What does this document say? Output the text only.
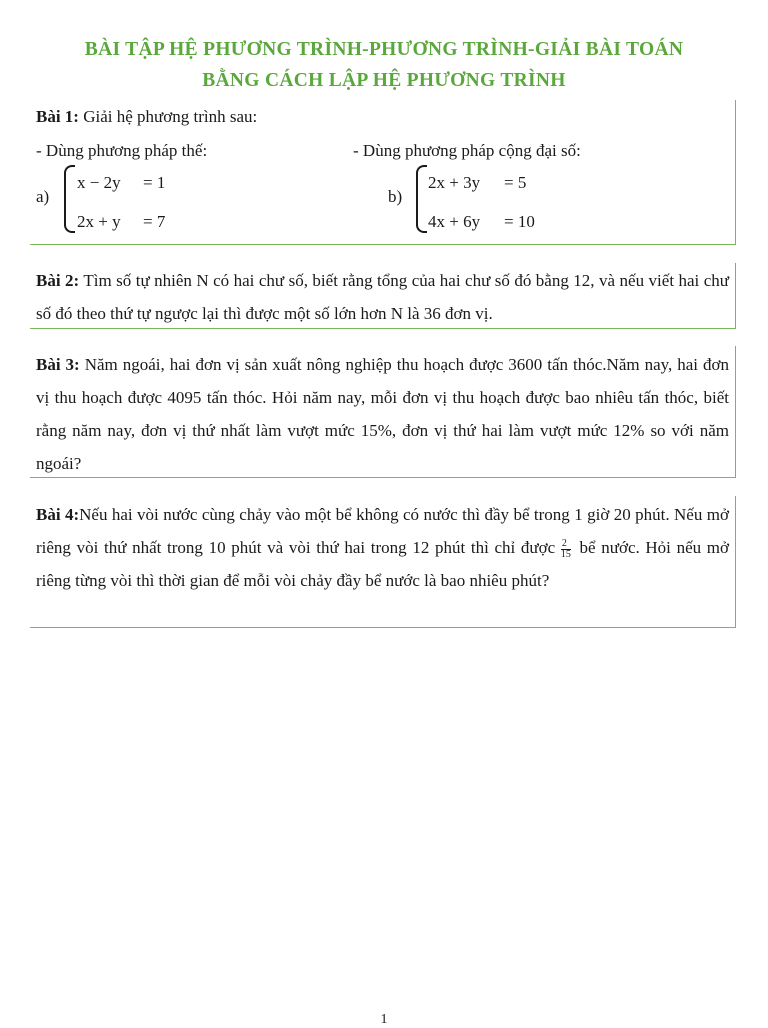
BÀI TẬP HỆ PHƯƠNG TRÌNH-PHƯƠNG TRÌNH-GIẢI BÀI TOÁN
BẰNG CÁCH LẬP HỆ PHƯƠNG TRÌNH

Bài 1: Giải hệ phương trình sau:

- Dùng phương pháp thế:	- Dùng phương pháp cộng đại số:

a)
x − 2y = 1
2x + y = 7
b)
2x + 3y = 5
4x + 6y = 10

Bài 2: Tìm số tự nhiên N có hai chư số, biết rằng tổng của hai chư số đó bằng 12, và nếu viết hai chư số đó theo thứ tự ngược lại thì được một số lớn hơn N là 36 đơn vị.

Bài 3: Năm ngoái, hai đơn vị sản xuất nông nghiệp thu hoạch được 3600 tấn thóc.Năm nay, hai đơn vị thu hoạch được 4095 tấn thóc. Hỏi năm nay, mỗi đơn vị thu hoạch được bao nhiêu tấn thóc, biết rằng năm nay, đơn vị thứ nhất làm vượt mức 15%, đơn vị thứ hai làm vượt mức 12% so với năm ngoái?

Bài 4:Nếu hai vòi nước cùng chảy vào một bể không có nước thì đầy bể trong 1 giờ 20 phút. Nếu mở riêng vòi thứ nhất trong 10 phút và vòi thứ hai trong 12 phút thì chỉ được $\frac{2}{15}$ bể nước. Hỏi nếu mở riêng từng vòi thì thời gian để mỗi vòi chảy đầy bể nước là bao nhiêu phút?

1
